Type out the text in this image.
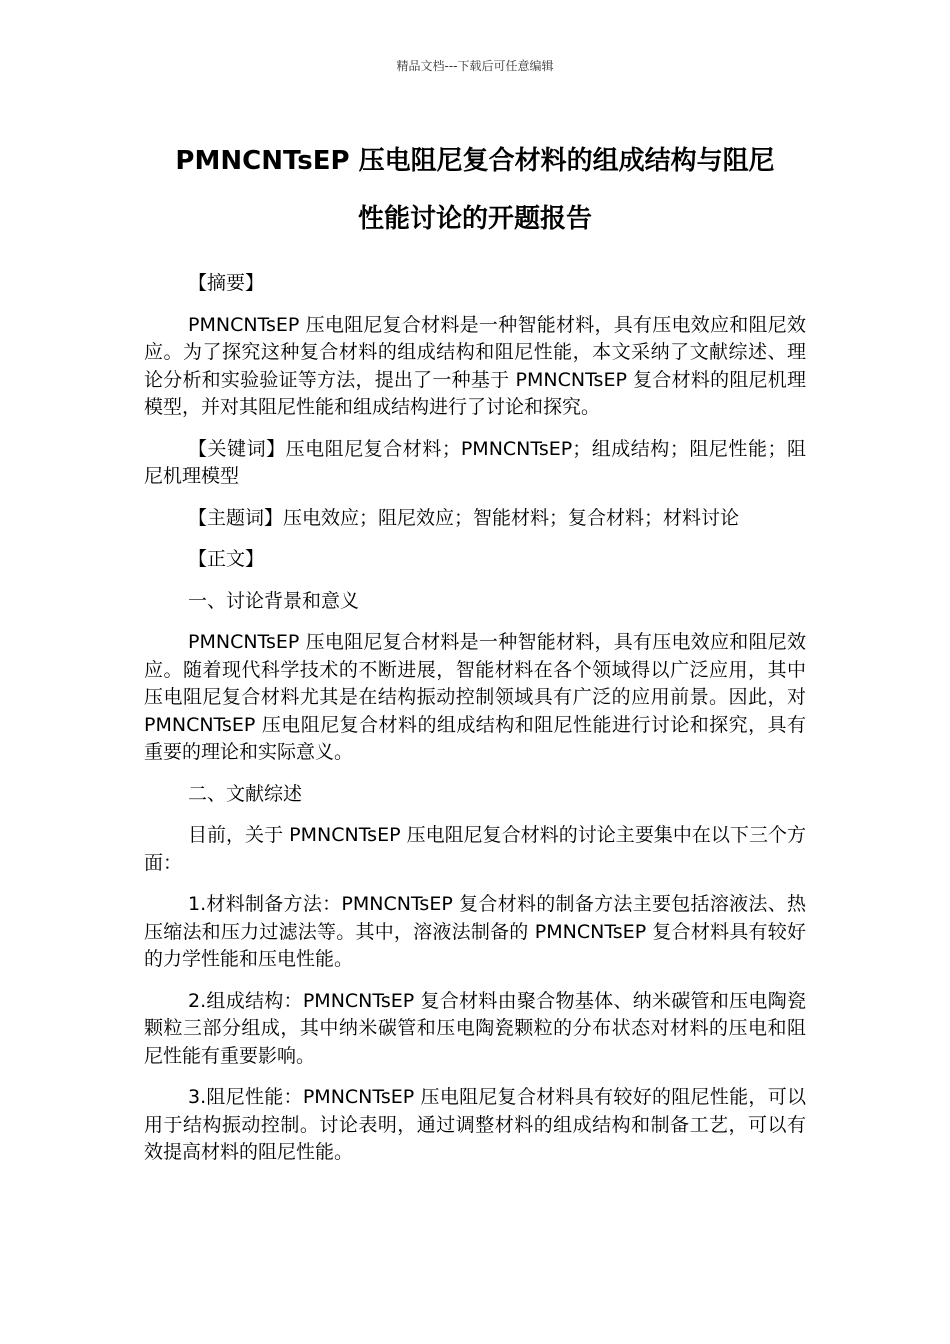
精品文档---下载后可任意编辑
PMNCNTsEP 压电阻尼复合材料的组成结构与阻尼
性能讨论的开题报告

【摘要】

PMNCNTsEP 压电阻尼复合材料是一种智能材料，具有压电效应和阻尼效应。为了探究这种复合材料的组成结构和阻尼性能，本文采纳了文献综述、理论分析和实验验证等方法，提出了一种基于 PMNCNTsEP 复合材料的阻尼机理模型，并对其阻尼性能和组成结构进行了讨论和探究。

【关键词】压电阻尼复合材料；PMNCNTsEP；组成结构；阻尼性能；阻尼机理模型

【主题词】压电效应；阻尼效应；智能材料；复合材料；材料讨论

【正文】

一、讨论背景和意义

PMNCNTsEP 压电阻尼复合材料是一种智能材料，具有压电效应和阻尼效应。随着现代科学技术的不断进展，智能材料在各个领域得以广泛应用，其中压电阻尼复合材料尤其是在结构振动控制领域具有广泛的应用前景。因此，对 PMNCNTsEP 压电阻尼复合材料的组成结构和阻尼性能进行讨论和探究，具有重要的理论和实际意义。

二、文献综述

目前，关于 PMNCNTsEP 压电阻尼复合材料的讨论主要集中在以下三个方面：

1.材料制备方法：PMNCNTsEP 复合材料的制备方法主要包括溶液法、热压缩法和压力过滤法等。其中，溶液法制备的 PMNCNTsEP 复合材料具有较好的力学性能和压电性能。

2.组成结构：PMNCNTsEP 复合材料由聚合物基体、纳米碳管和压电陶瓷颗粒三部分组成，其中纳米碳管和压电陶瓷颗粒的分布状态对材料的压电和阻尼性能有重要影响。

3.阻尼性能：PMNCNTsEP 压电阻尼复合材料具有较好的阻尼性能，可以用于结构振动控制。讨论表明，通过调整材料的组成结构和制备工艺，可以有效提高材料的阻尼性能。
